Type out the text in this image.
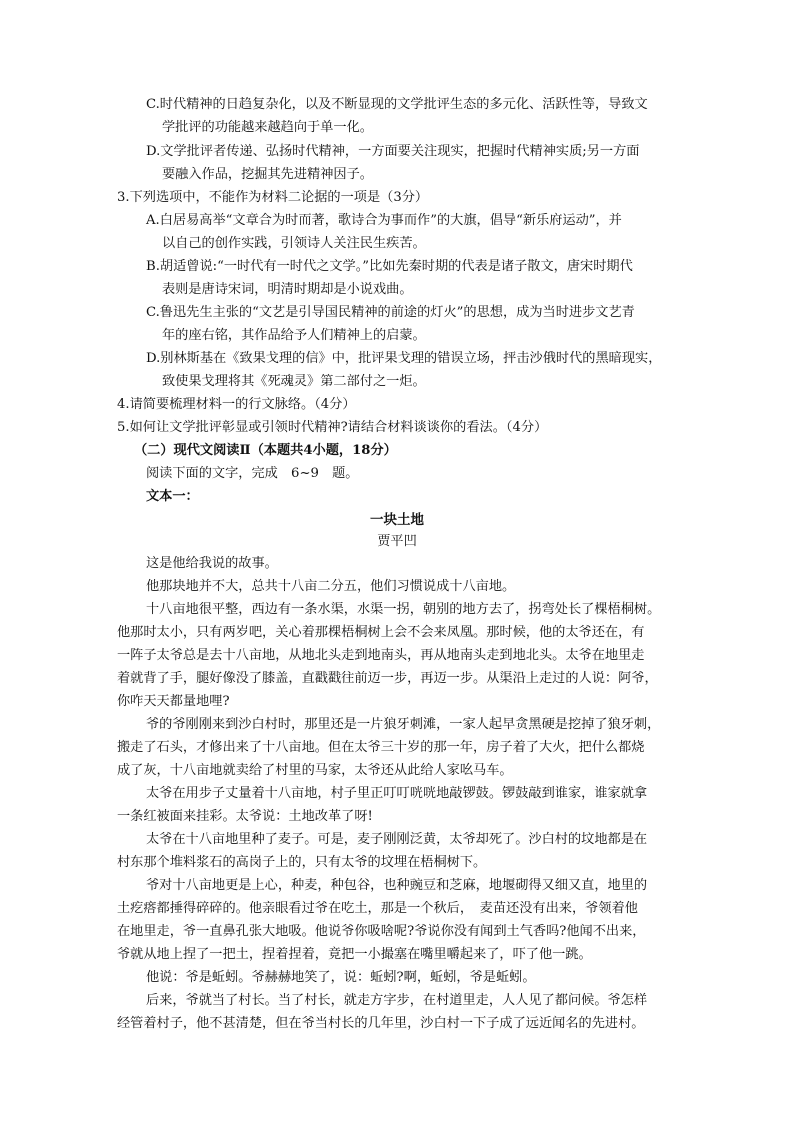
C.时代精神的日趋复杂化，以及不断显现的文学批评生态的多元化、活跃性等，导致文
学批评的功能越来越趋向于单一化。
D.文学批评者传递、弘扬时代精神，一方面要关注现实，把握时代精神实质;另一方面
要融入作品，挖掘其先进精神因子。
3.下列选项中，不能作为材料二论据的一项是（3分）
A.白居易高举“文章合为时而著，歌诗合为事而作”的大旗，倡导“新乐府运动”，并
以自己的创作实践，引领诗人关注民生疾苦。
B.胡适曾说:“一时代有一时代之文学。”比如先秦时期的代表是诸子散文，唐宋时期代
表则是唐诗宋词，明清时期却是小说戏曲。
C.鲁迅先生主张的“文艺是引导国民精神的前途的灯火”的思想，成为当时进步文艺青
年的座右铭，其作品给予人们精神上的启蒙。
D.别林斯基在《致果戈理的信》中，批评果戈理的错误立场，抨击沙俄时代的黑暗现实，
致使果戈理将其《死魂灵》第二部付之一炬。
4.请简要梳理材料一的行文脉络。（4分）
5.如何让文学批评彰显或引领时代精神?请结合材料谈谈你的看法。（4分）
（二）现代文阅读Ⅱ（本题共4小题，18分）
阅读下面的文字，完成　6~9　题。
文本一：
一块土地
贾平凹
这是他给我说的故事。
他那块地并不大，总共十八亩二分五，他们习惯说成十八亩地。
十八亩地很平整，西边有一条水渠，水渠一拐，朝别的地方去了，拐弯处长了棵梧桐树。
他那时太小，只有两岁吧，关心着那棵梧桐树上会不会来凤凰。那时候，他的太爷还在，有
一阵子太爷总是去十八亩地，从地北头走到地南头，再从地南头走到地北头。太爷在地里走
着就背了手，腿好像没了膝盖，直戳戳往前迈一步，再迈一步。从渠沿上走过的人说：阿爷，
你咋天天都量地哩?
爷的爷刚刚来到沙白村时，那里还是一片狼牙刺滩，一家人起早贪黑硬是挖掉了狼牙刺，
搬走了石头，才修出来了十八亩地。但在太爷三十岁的那一年，房子着了大火，把什么都烧
成了灰，十八亩地就卖给了村里的马家，太爷还从此给人家吆马车。
太爷在用步子丈量着十八亩地，村子里正叮叮咣咣地敲锣鼓。锣鼓敲到谁家，谁家就拿
一条红被面来挂彩。太爷说：土地改革了呀!
太爷在十八亩地里种了麦子。可是，麦子刚刚泛黄，太爷却死了。沙白村的坟地都是在
村东那个堆料浆石的高岗子上的，只有太爷的坟埋在梧桐树下。
爷对十八亩地更是上心，种麦，种包谷，也种豌豆和芝麻，地堰砌得又细又直，地里的
土疙瘩都捶得碎碎的。他亲眼看过爷在吃土，那是一个秋后，　麦苗还没有出来，爷领着他
在地里走，爷一直鼻孔张大地吸。他说爷你吸啥呢?爷说你没有闻到土气香吗?他闻不出来，
爷就从地上捏了一把土，捏着捏着，竟把一小撮塞在嘴里嚼起来了，吓了他一跳。
他说：爷是蚯蚓。爷赫赫地笑了，说：蚯蚓?啊，蚯蚓，爷是蚯蚓。
后来，爷就当了村长。当了村长，就走方字步，在村道里走，人人见了都问候。爷怎样
经管着村子，他不甚清楚，但在爷当村长的几年里，沙白村一下子成了远近闻名的先进村。
